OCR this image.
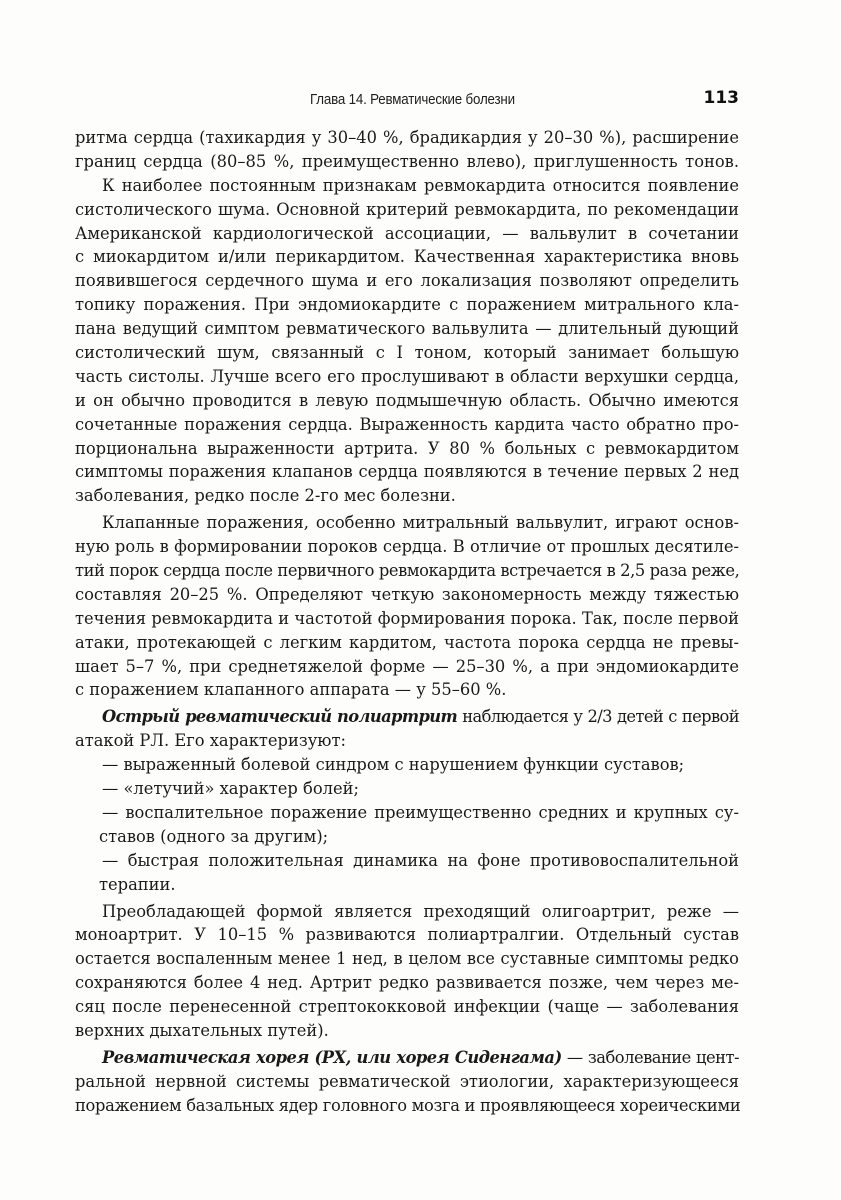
Глава 14. Ревматические болезни	113
ритма сердца (тахикардия у 30–40 %, брадикардия у 20–30 %), расширение
границ сердца (80–85 %, преимущественно влево), приглушенность тонов.
К наиболее постоянным признакам ревмокардита относится появление
систолического шума. Основной критерий ревмокардита, по рекомендации
Американской кардиологической ассоциации, — вальвулит в сочетании
с миокардитом и/или перикардитом. Качественная характеристика вновь
появившегося сердечного шума и его локализация позволяют определить
топику поражения. При эндомиокардите с поражением митрального кла-
пана ведущий симптом ревматического вальвулита — длительный дующий
систолический шум, связанный с I тоном, который занимает большую
часть систолы. Лучше всего его прослушивают в области верхушки сердца,
и он обычно проводится в левую подмышечную область. Обычно имеются
сочетанные поражения сердца. Выраженность кардита часто обратно про-
порциональна выраженности артрита. У 80 % больных с ревмокардитом
симптомы поражения клапанов сердца появляются в течение первых 2 нед
заболевания, редко после 2-го мес болезни.
Клапанные поражения, особенно митральный вальвулит, играют основ-
ную роль в формировании пороков сердца. В отличие от прошлых десятиле-
тий порок сердца после первичного ревмокардита встречается в 2,5 раза реже,
составляя 20–25 %. Определяют четкую закономерность между тяжестью
течения ревмокардита и частотой формирования порока. Так, после первой
атаки, протекающей с легким кардитом, частота порока сердца не превы-
шает 5–7 %, при среднетяжелой форме — 25–30 %, а при эндомиокардите
с поражением клапанного аппарата — у 55–60 %.
Острый ревматический полиартрит наблюдается у 2/3 детей с первой
атакой РЛ. Его характеризуют:
— выраженный болевой синдром с нарушением функции суставов;
— «летучий» характер болей;
— воспалительное поражение преимущественно средних и крупных су-
ставов (одного за другим);
— быстрая положительная динамика на фоне противовоспалительной
терапии.
Преобладающей формой является преходящий олигоартрит, реже —
моноартрит. У 10–15 % развиваются полиартралгии. Отдельный сустав
остается воспаленным менее 1 нед, в целом все суставные симптомы редко
сохраняются более 4 нед. Артрит редко развивается позже, чем через ме-
сяц после перенесенной стрептококковой инфекции (чаще — заболевания
верхних дыхательных путей).
Ревматическая хорея (РХ, или хорея Сиденгама) — заболевание цент-
ральной нервной системы ревматической этиологии, характеризующееся
поражением базальных ядер головного мозга и проявляющееся хореическими
